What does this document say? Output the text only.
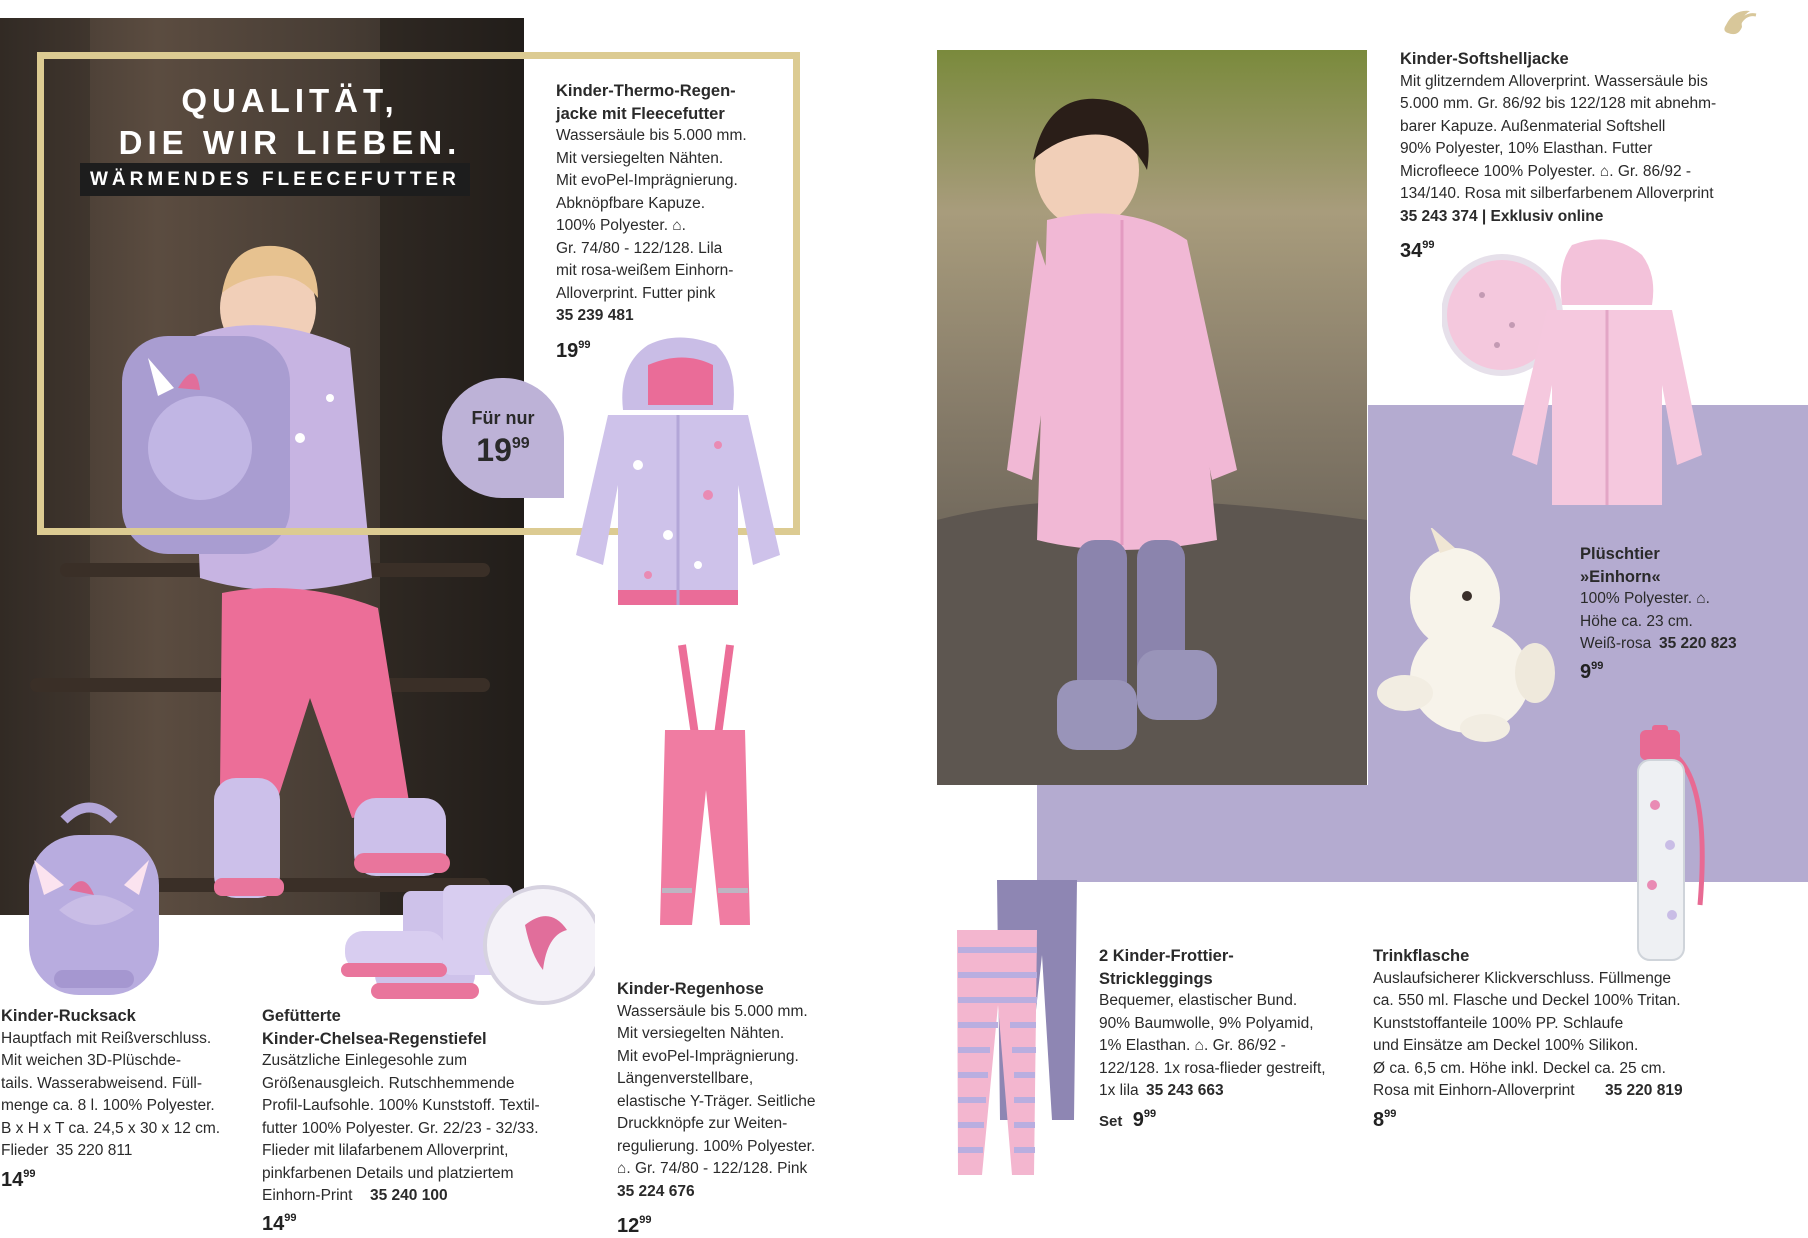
QUALITÄT,
DIE WIR LIEBEN.
WÄRMENDES FLEECEFUTTER
Für nur
$19^{99}$
Kinder-Thermo-Regen-
jacke mit Fleecefutter
Wassersäule bis 5.000 mm.
Mit versiegelten Nähten.
Mit evoPel-Imprägnierung.
Abknöpfbare Kapuze.
100% Polyester. ⌂.
Gr. 74/80 - 122/128. Lila
mit rosa-weißem Einhorn-
Alloverprint. Futter pink
35 239 481
$19^{99}$
Kinder-Rucksack
Hauptfach mit Reißverschluss.
Mit weichen 3D-Plüschde-
tails. Wasserabweisend. Füll-
menge ca. 8 l. 100% Polyester.
B x H x T ca. 24,5 x 30 x 12 cm.
Flieder 35 220 811
$14^{99}$
Gefütterte
Kinder-Chelsea-Regenstiefel
Zusätzliche Einlegesohle zum
Größenausgleich. Rutschhemmende
Profil-Laufsohle. 100% Kunststoff. Textil-
futter 100% Polyester. Gr. 22/23 - 32/33.
Flieder mit lilafarbenem Alloverprint,
pinkfarbenen Details und platziertem
Einhorn-Print	35 240 100
$14^{99}$
Kinder-Regenhose
Wassersäule bis 5.000 mm.
Mit versiegelten Nähten.
Mit evoPel-Imprägnierung.
Längenverstellbare,
elastische Y-Träger. Seitliche
Druckknöpfe zur Weiten-
regulierung. 100% Polyester.
⌂. Gr. 74/80 - 122/128. Pink
35 224 676
$12^{99}$
Kinder-Softshelljacke
Mit glitzerndem Alloverprint. Wassersäule bis
5.000 mm. Gr. 86/92 bis 122/128 mit abnehm-
barer Kapuze. Außenmaterial Softshell
90% Polyester, 10% Elasthan. Futter
Microfleece 100% Polyester. ⌂. Gr. 86/92 -
134/140. Rosa mit silberfarbenem Alloverprint
35 243 374 | Exklusiv online
$34^{99}$
Plüschtier
»Einhorn«
100% Polyester. ⌂.
Höhe ca. 23 cm.
Weiß-rosa 35 220 823
$9^{99}$
2 Kinder-Frottier-
Strickleggings
Bequemer, elastischer Bund.
90% Baumwolle, 9% Polyamid,
1% Elasthan. ⌂. Gr. 86/92 -
122/128. 1x rosa-flieder gestreift,
1x lila 35 243 663
Set $9^{99}$
Trinkflasche
Auslaufsicherer Klickverschluss. Füllmenge
ca. 550 ml. Flasche und Deckel 100% Tritan.
Kunststoffanteile 100% PP. Schlaufe
und Einsätze am Deckel 100% Silikon.
Ø ca. 6,5 cm. Höhe inkl. Deckel ca. 25 cm.
Rosa mit Einhorn-Alloverprint	35 220 819
$8^{99}$
